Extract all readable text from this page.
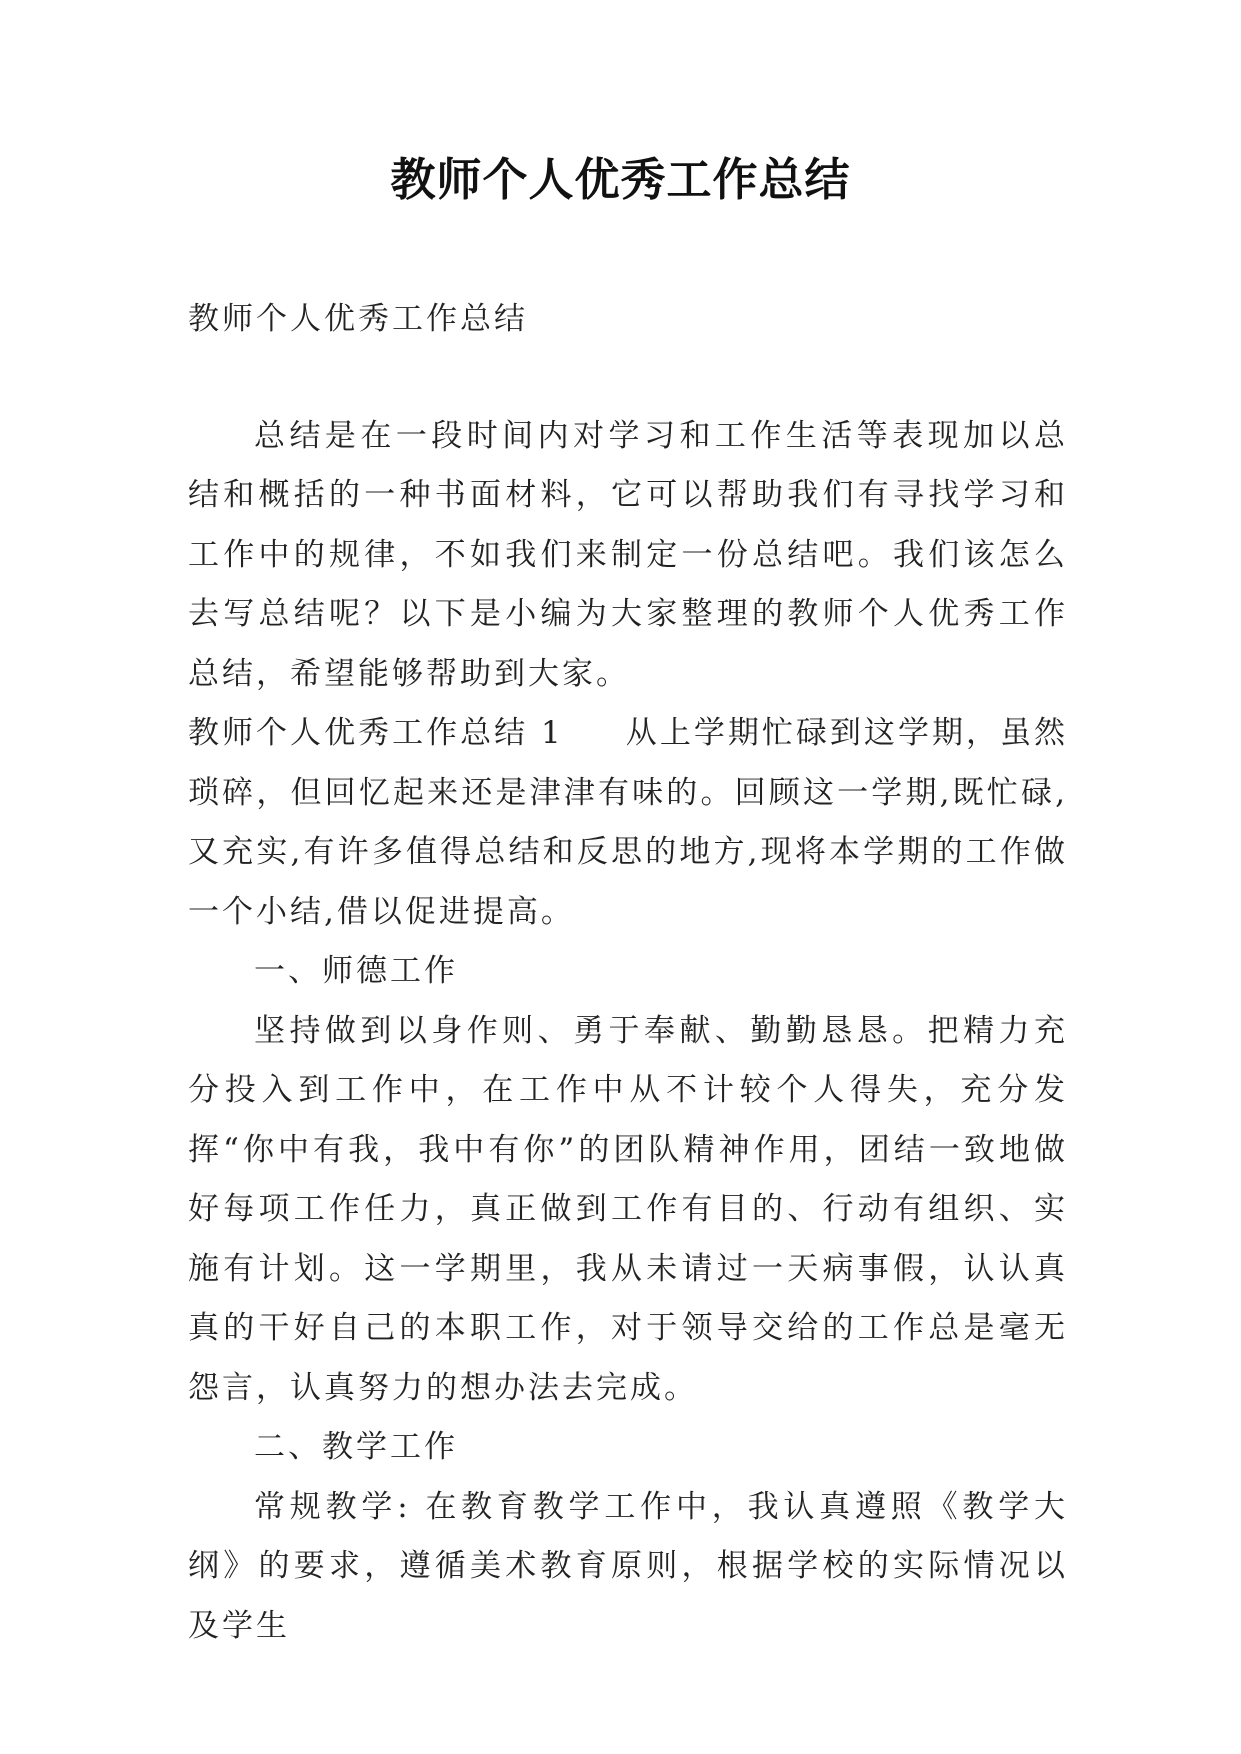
教师个人优秀工作总结

教师个人优秀工作总结

总结是在一段时间内对学习和工作生活等表现加以总结和概括的一种书面材料，它可以帮助我们有寻找学习和工作中的规律，不如我们来制定一份总结吧。我们该怎么去写总结呢？以下是小编为大家整理的教师个人优秀工作总结，希望能够帮助到大家。

教师个人优秀工作总结 1 从上学期忙碌到这学期，虽然琐碎，但回忆起来还是津津有味的。回顾这一学期,既忙碌,又充实,有许多值得总结和反思的地方,现将本学期的工作做一个小结,借以促进提高。

一、师德工作

坚持做到以身作则、勇于奉献、勤勤恳恳。把精力充分投入到工作中，在工作中从不计较个人得失，充分发挥“你中有我，我中有你”的团队精神作用，团结一致地做好每项工作任力，真正做到工作有目的、行动有组织、实施有计划。这一学期里，我从未请过一天病事假，认认真真的干好自己的本职工作，对于领导交给的工作总是毫无怨言，认真努力的想办法去完成。

二、教学工作

常规教学: 在教育教学工作中，我认真遵照《教学大纲》的要求，遵循美术教育原则，根据学校的实际情况以及学生
